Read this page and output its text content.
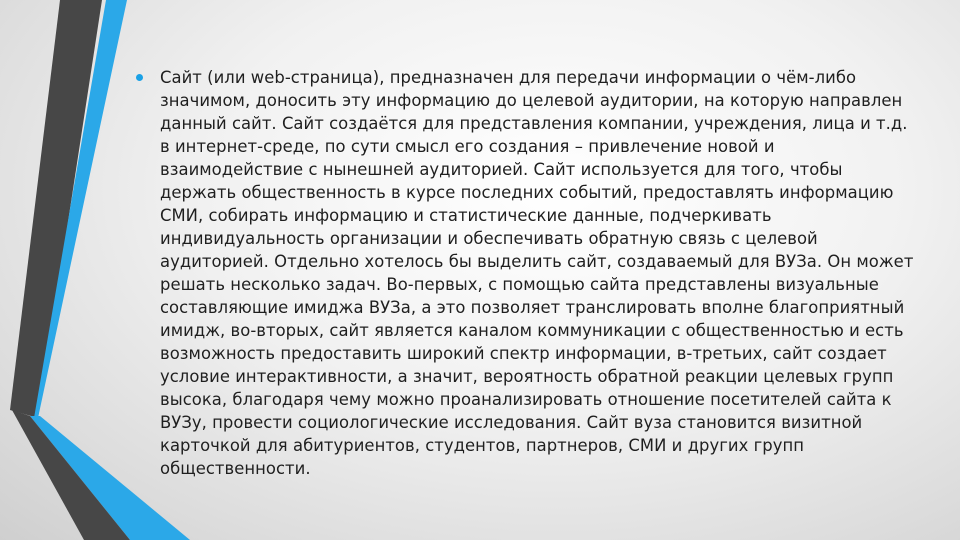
Сайт (или web-страница), предназначен для передачи информации о чём-либо значимом, доносить эту информацию до целевой аудитории, на которую направлен данный сайт. Сайт создаётся для представления компании, учреждения, лица и т.д. в интернет-среде, по сути смысл его создания – привлечение новой и взаимодействие с нынешней аудиторией. Сайт используется для того, чтобы держать общественность в курсе последних событий, предоставлять информацию СМИ, собирать информацию и статистические данные, подчеркивать индивидуальность организации и обеспечивать обратную связь с целевой аудиторией. Отдельно хотелось бы выделить сайт, создаваемый для ВУЗа. Он может решать несколько задач. Во-первых, с помощью сайта представлены визуальные составляющие имиджа ВУЗа, а это позволяет транслировать вполне благоприятный имидж, во-вторых, сайт является каналом коммуникации с общественностью и есть возможность предоставить широкий спектр информации, в-третьих, сайт создает условие интерактивности, а значит, вероятность обратной реакции целевых групп высока, благодаря чему можно проанализировать отношение посетителей сайта к ВУЗу, провести социологические исследования. Сайт вуза становится визитной карточкой для абитуриентов, студентов, партнеров, СМИ и других групп общественности.
